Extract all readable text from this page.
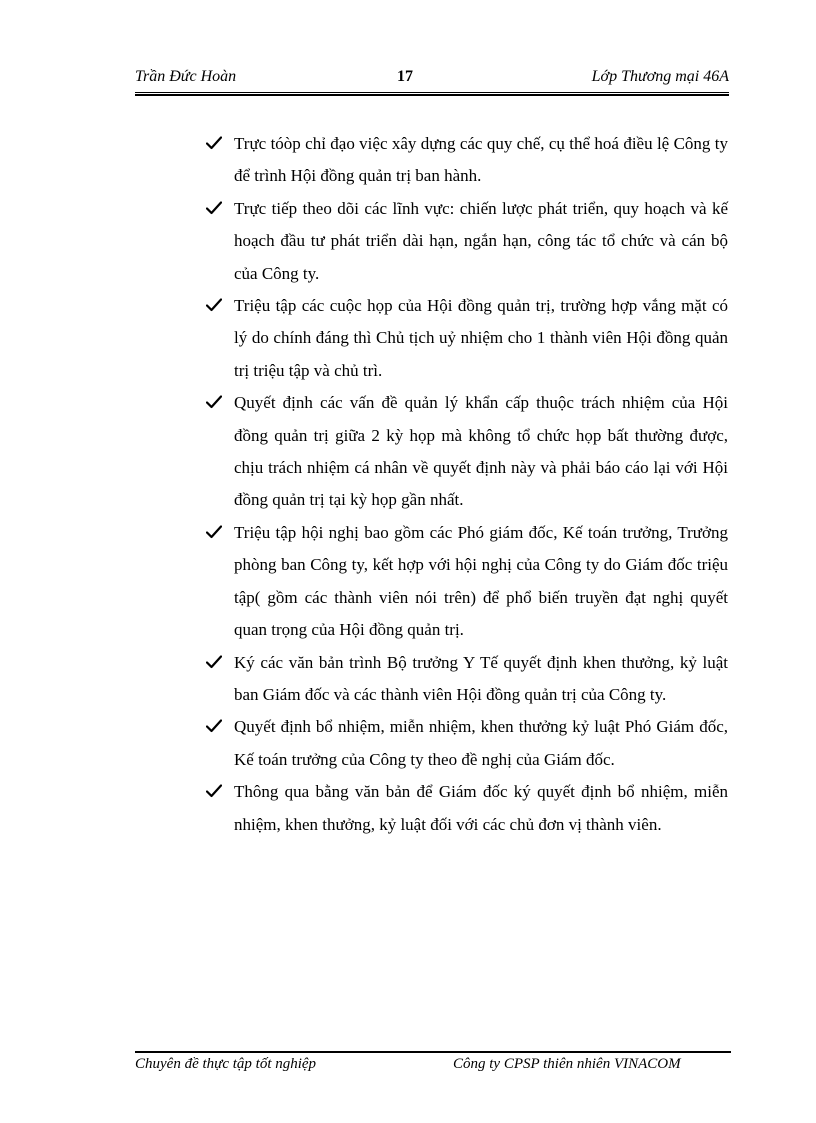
Trần Đức Hoàn	17	Lớp Thương mại 46A

Trực tóòp chỉ đạo việc xây dựng các quy chế, cụ thể hoá điều lệ Công ty để trình Hội đồng quản trị ban hành.

Trực tiếp theo dõi các lĩnh vực: chiến lược phát triển, quy hoạch và kế hoạch đầu tư phát triển dài hạn, ngắn hạn, công tác tổ chức và cán bộ của Công ty.

Triệu tập các cuộc họp của Hội đồng quản trị, trường hợp vắng mặt có lý do chính đáng thì Chủ tịch uỷ nhiệm cho 1 thành viên Hội đồng quản trị triệu tập và chủ trì.

Quyết định các vấn đề quản lý khẩn cấp thuộc trách nhiệm của Hội đồng quản trị giữa 2 kỳ họp mà không tổ chức họp bất thường được, chịu trách nhiệm cá nhân về quyết định này và phải báo cáo lại với Hội đồng quản trị tại kỳ họp gần nhất.

Triệu tập hội nghị bao gồm các Phó giám đốc, Kế toán trưởng, Trưởng phòng ban Công ty, kết hợp với hội nghị của Công ty do Giám đốc triệu tập( gồm các thành viên nói trên) để phổ biến truyền đạt nghị quyết quan trọng của Hội đồng quản trị.

Ký các văn bản trình Bộ trưởng Y Tế quyết định khen thưởng, kỷ luật ban Giám đốc và các thành viên Hội đồng quản trị của Công ty.

Quyết định bổ nhiệm, miễn nhiệm, khen thưởng kỷ luật Phó Giám đốc, Kế toán trưởng của Công ty theo đề nghị của Giám đốc.

Thông qua bằng văn bản để Giám đốc ký quyết định bổ nhiệm, miễn nhiệm, khen thưởng, kỷ luật đối với các chủ đơn vị thành viên.

Chuyên đề thực tập tốt nghiệp	Công ty CPSP thiên nhiên VINACOM
